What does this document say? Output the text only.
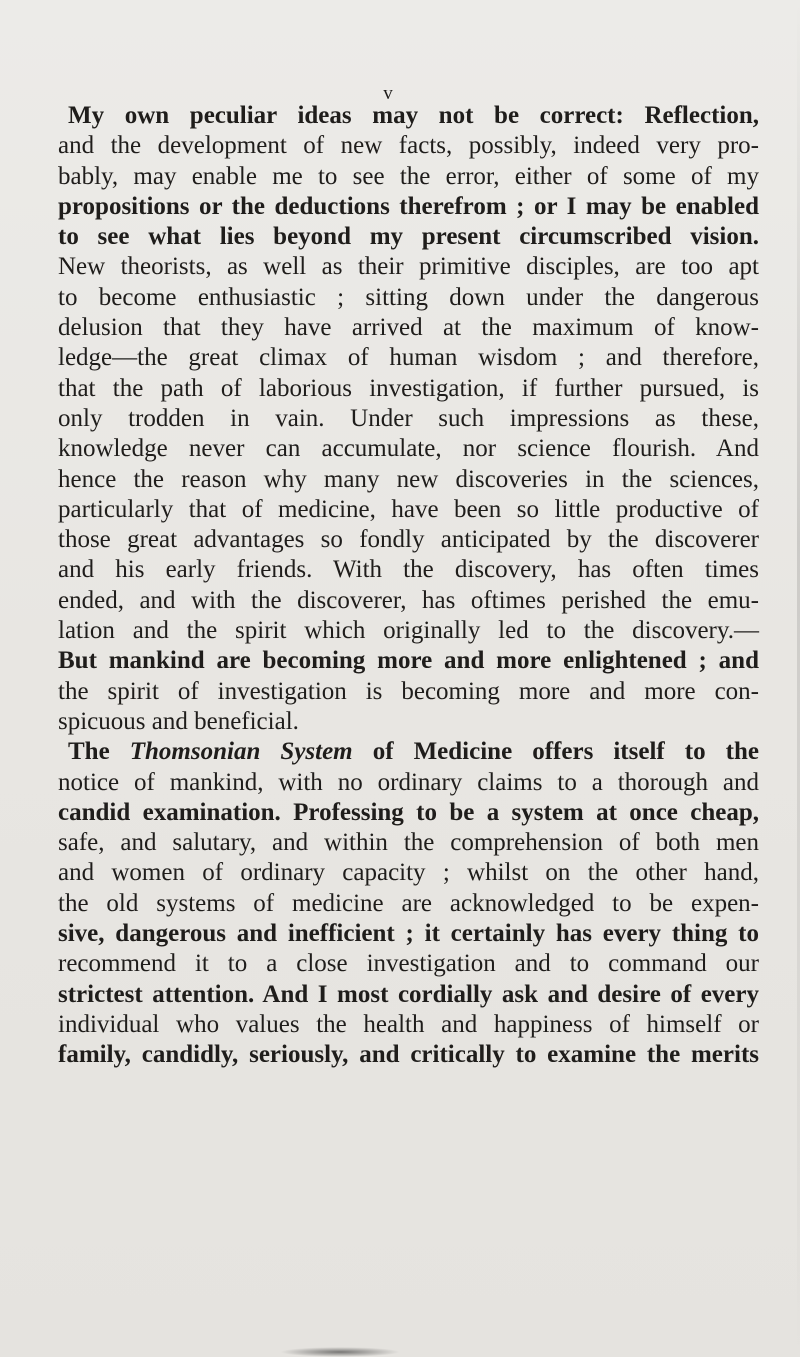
v
My own peculiar ideas may not be correct: Reflection,
and the development of new facts, possibly, indeed very pro-
bably, may enable me to see the error, either of some of my
propositions or the deductions therefrom ; or I may be enabled
to see what lies beyond my present circumscribed vision.
New theorists, as well as their primitive disciples, are too apt
to become enthusiastic ; sitting down under the dangerous
delusion that they have arrived at the maximum of know-
ledge—the great climax of human wisdom ; and therefore,
that the path of laborious investigation, if further pursued, is
only trodden in vain. Under such impressions as these,
knowledge never can accumulate, nor science flourish. And
hence the reason why many new discoveries in the sciences,
particularly that of medicine, have been so little productive of
those great advantages so fondly anticipated by the discoverer
and his early friends. With the discovery, has often times
ended, and with the discoverer, has oftimes perished the emu-
lation and the spirit which originally led to the discovery.—
But mankind are becoming more and more enlightened ; and
the spirit of investigation is becoming more and more con-
spicuous and beneficial.
The Thomsonian System of Medicine offers itself to the
notice of mankind, with no ordinary claims to a thorough and
candid examination. Professing to be a system at once cheap,
safe, and salutary, and within the comprehension of both men
and women of ordinary capacity ; whilst on the other hand,
the old systems of medicine are acknowledged to be expen-
sive, dangerous and inefficient ; it certainly has every thing to
recommend it to a close investigation and to command our
strictest attention. And I most cordially ask and desire of every
individual who values the health and happiness of himself or
family, candidly, seriously, and critically to examine the merits
